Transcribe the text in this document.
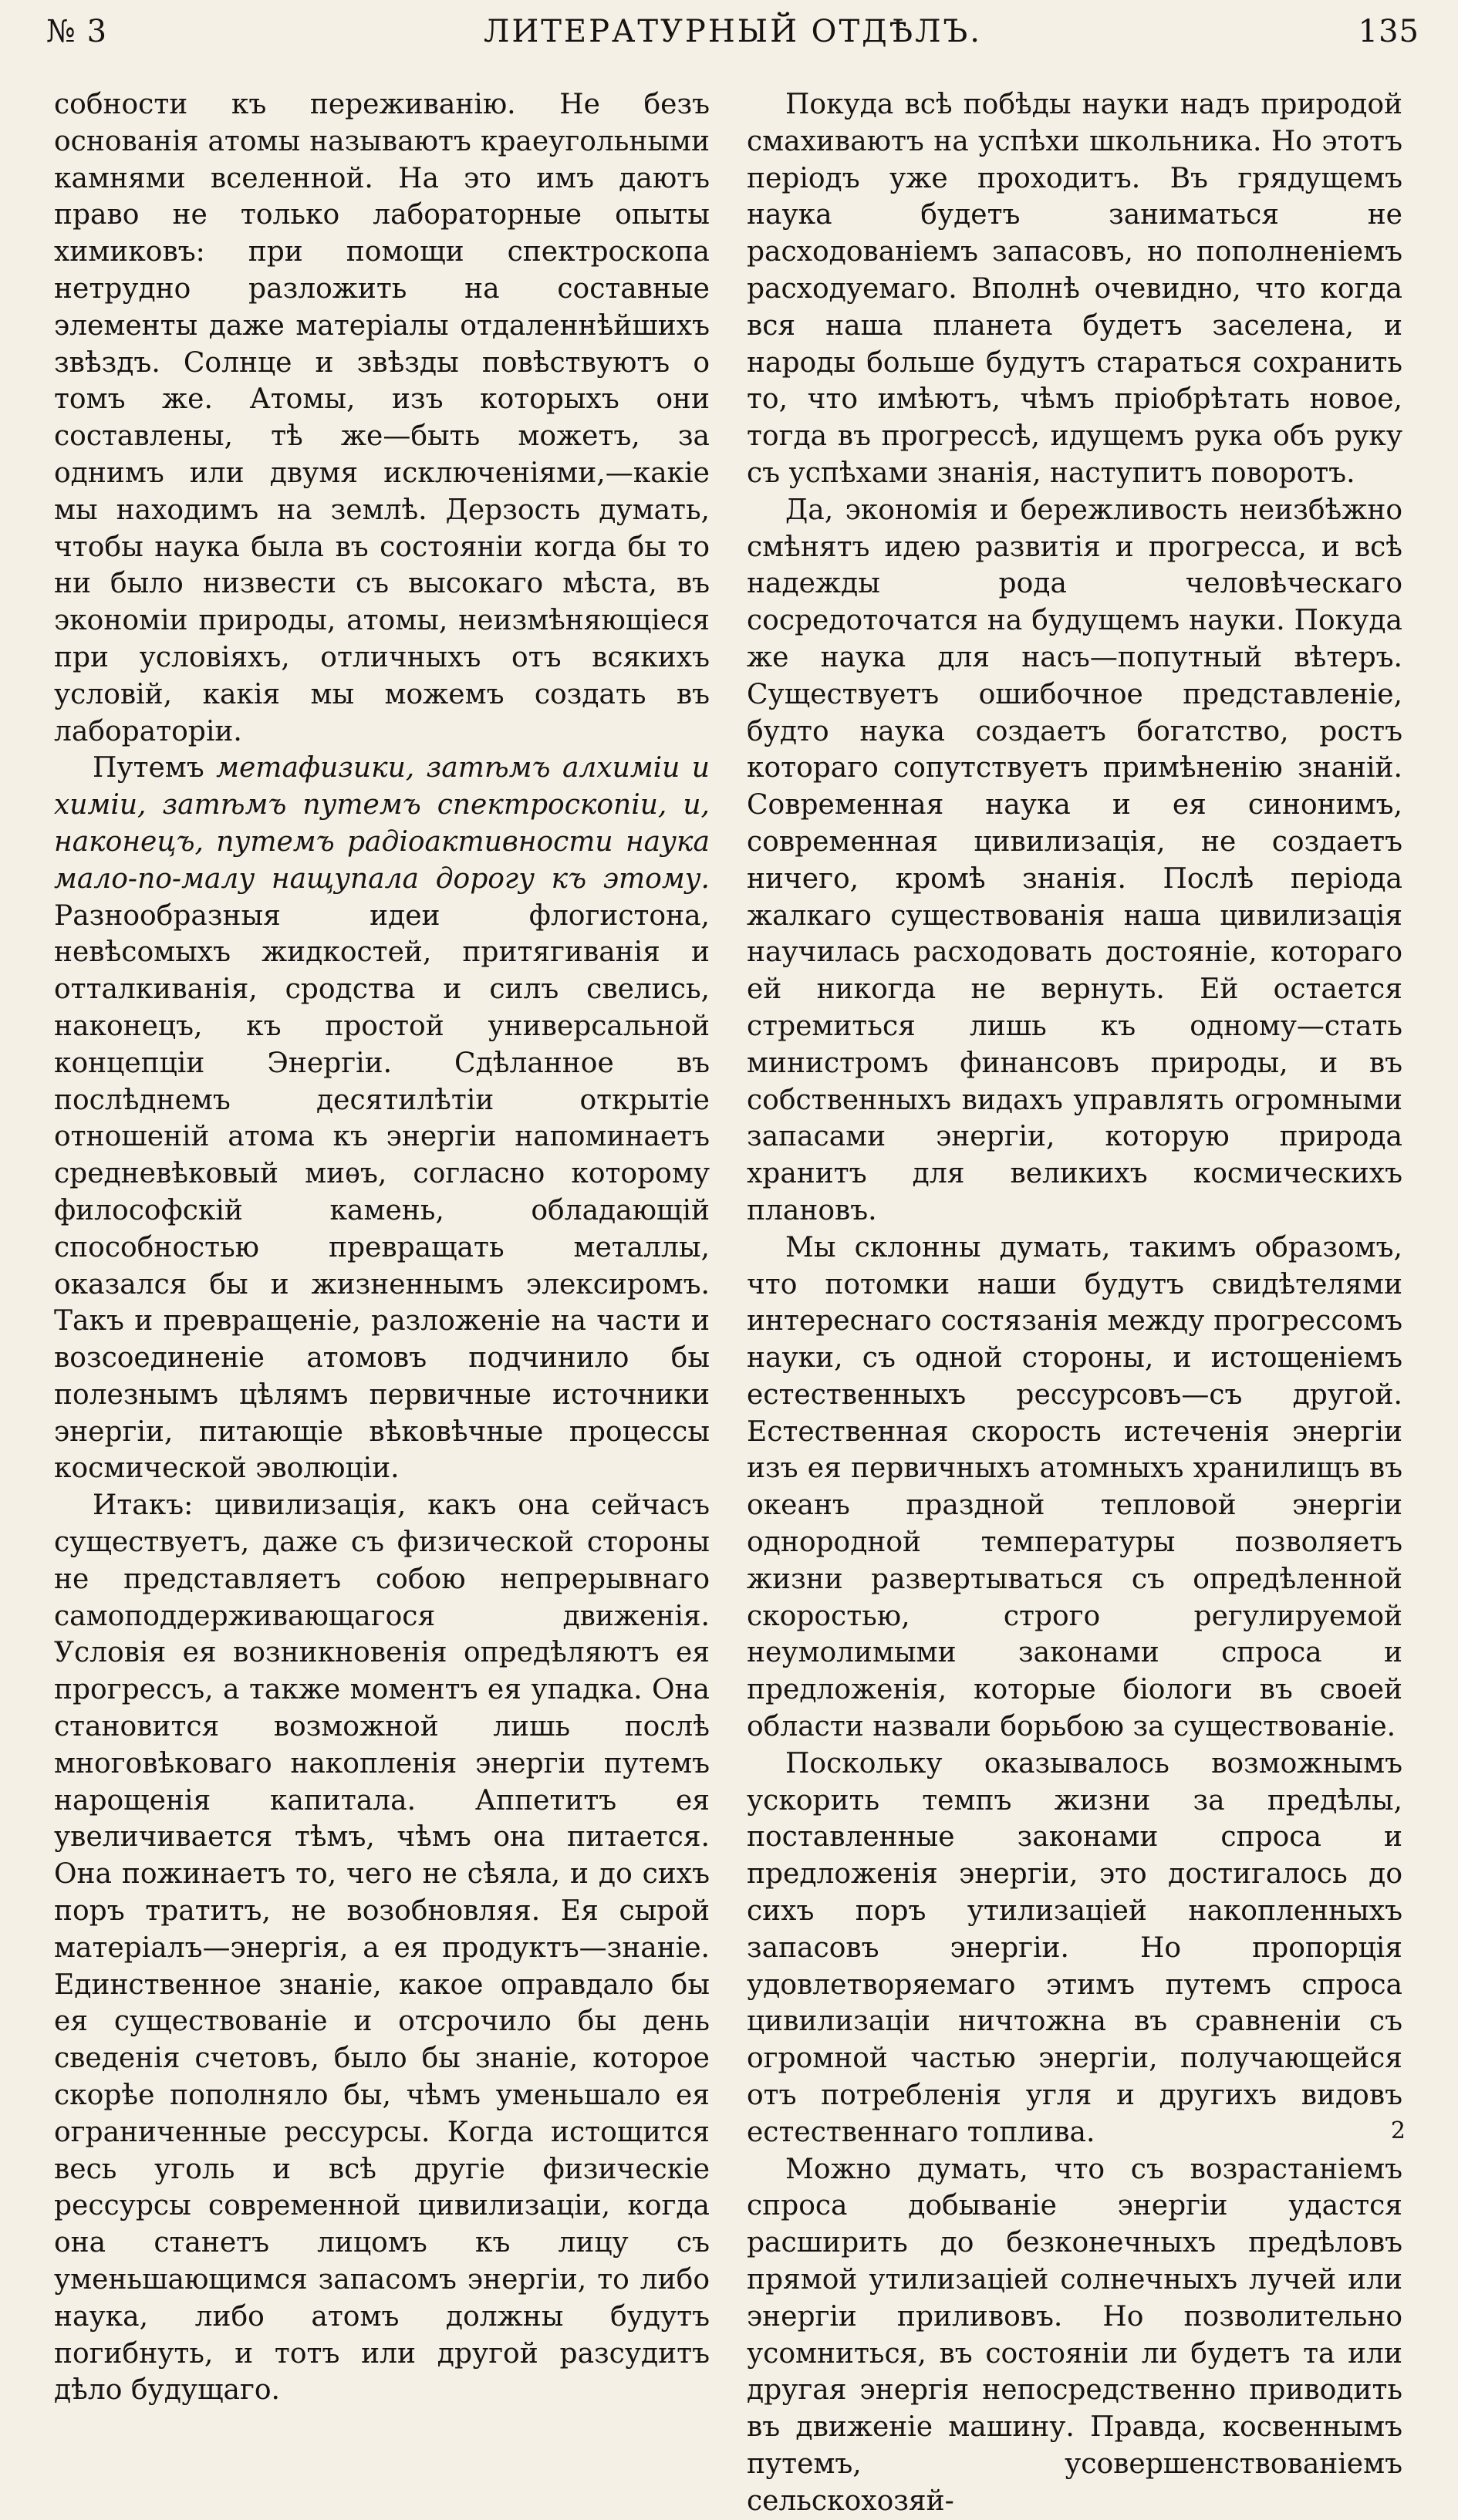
№ 3	ЛИТЕРАТУРНЫЙ ОТДѢЛЪ.	135

собности къ переживанію. Не безъ основанія атомы называютъ краеугольными камнями вселенной. На это имъ даютъ право не только лабораторные опыты химиковъ: при помощи спектроскопа нетрудно разложить на составные элементы даже матеріалы отдаленнѣйшихъ звѣздъ. Солнце и звѣзды повѣствуютъ о томъ же. Атомы, изъ которыхъ они составлены, тѣ же—быть можетъ, за однимъ или двумя исключеніями,—какіе мы находимъ на землѣ. Дерзость думать, чтобы наука была въ состояніи когда бы то ни было низвести съ высокаго мѣста, въ экономіи природы, атомы, неизмѣняющіеся при условіяхъ, отличныхъ отъ всякихъ условій, какія мы можемъ создать въ лабораторіи.

Путемъ метафизики, затѣмъ алхиміи и химіи, затѣмъ путемъ спектроскопіи, и, наконецъ, путемъ радіоактивности наука мало-по-малу нащупала дорогу къ этому. Разнообразныя идеи флогистона, невѣсомыхъ жидкостей, притягиванія и отталкиванія, сродства и силъ свелись, наконецъ, къ простой универсальной концепціи Энергіи. Сдѣланное въ послѣднемъ десятилѣтіи открытіе отношеній атома къ энергіи напоминаетъ средневѣковый миѳъ, согласно которому философскій камень, обладающій способностью превращать металлы, оказался бы и жизненнымъ элексиромъ. Такъ и превращеніе, разложеніе на части и возсоединеніе атомовъ подчинило бы полезнымъ цѣлямъ первичные источники энергіи, питающіе вѣковѣчные процессы космической эволюціи.

Итакъ: цивилизація, какъ она сейчасъ существуетъ, даже съ физической стороны не представляетъ собою непрерывнаго самоподдерживающагося движенія. Условія ея возникновенія опредѣляютъ ея прогрессъ, а также моментъ ея упадка. Она становится возможной лишь послѣ многовѣковаго накопленія энергіи путемъ нарощенія капитала. Аппетитъ ея увеличивается тѣмъ, чѣмъ она питается. Она пожинаетъ то, чего не сѣяла, и до сихъ поръ тратитъ, не возобновляя. Ея сырой матеріалъ—энергія, а ея продуктъ—знаніе. Единственное знаніе, какое оправдало бы ея существованіе и отсрочило бы день сведенія счетовъ, было бы знаніе, которое скорѣе пополняло бы, чѣмъ уменьшало ея ограниченные рессурсы. Когда истощится весь уголь и всѣ другіе физическіе рессурсы современной цивилизаціи, когда она станетъ лицомъ къ лицу съ уменьшающимся запасомъ энергіи, то либо наука, либо атомъ должны будутъ погибнуть, и тотъ или другой разсудитъ дѣло будущаго.

Покуда всѣ побѣды науки надъ природой смахиваютъ на успѣхи школьника. Но этотъ періодъ уже проходитъ. Въ грядущемъ наука будетъ заниматься не расходованіемъ запасовъ, но пополненіемъ расходуемаго. Вполнѣ очевидно, что когда вся наша планета будетъ заселена, и народы больше будутъ стараться сохранить то, что имѣютъ, чѣмъ пріобрѣтать новое, тогда въ прогрессѣ, идущемъ рука объ руку съ успѣхами знанія, наступитъ поворотъ.

Да, экономія и бережливость неизбѣжно смѣнятъ идею развитія и прогресса, и всѣ надежды рода человѣческаго сосредоточатся на будущемъ науки. Покуда же наука для насъ—попутный вѣтеръ. Существуетъ ошибочное представленіе, будто наука создаетъ богатство, ростъ котораго сопутствуетъ примѣненію знаній. Современная наука и ея синонимъ, современная цивилизація, не создаетъ ничего, кромѣ знанія. Послѣ періода жалкаго существованія наша цивилизація научилась расходовать достояніе, котораго ей никогда не вернуть. Ей остается стремиться лишь къ одному—стать министромъ финансовъ природы, и въ собственныхъ видахъ управлять огромными запасами энергіи, которую природа хранитъ для великихъ космическихъ плановъ.

Мы склонны думать, такимъ образомъ, что потомки наши будутъ свидѣтелями интереснаго состязанія между прогрессомъ науки, съ одной стороны, и истощеніемъ естественныхъ рессурсовъ—съ другой. Естественная скорость истеченія энергіи изъ ея первичныхъ атомныхъ хранилищъ въ океанъ праздной тепловой энергіи однородной температуры позволяетъ жизни развертываться съ опредѣленной скоростью, строго регулируемой неумолимыми законами спроса и предложенія, которые біологи въ своей области назвали борьбою за существованіе.

Поскольку оказывалось возможнымъ ускорить темпъ жизни за предѣлы, поставленные законами спроса и предложенія энергіи, это достигалось до сихъ поръ утилизаціей накопленныхъ запасовъ энергіи. Но пропорція удовлетворяемаго этимъ путемъ спроса цивилизаціи ничтожна въ сравненіи съ огромной частью энергіи, получающейся отъ потребленія угля и другихъ видовъ естественнаго топлива.

Можно думать, что съ возрастаніемъ спроса добываніе энергіи удастся расширить до безконечныхъ предѣловъ прямой утилизаціей солнечныхъ лучей или энергіи приливовъ. Но позволительно усомниться, въ состояніи ли будетъ та или другая энергія непосредственно приводить въ движеніе машину. Правда, косвеннымъ путемъ, усовершенствованіемъ сельскохозяй-

2
